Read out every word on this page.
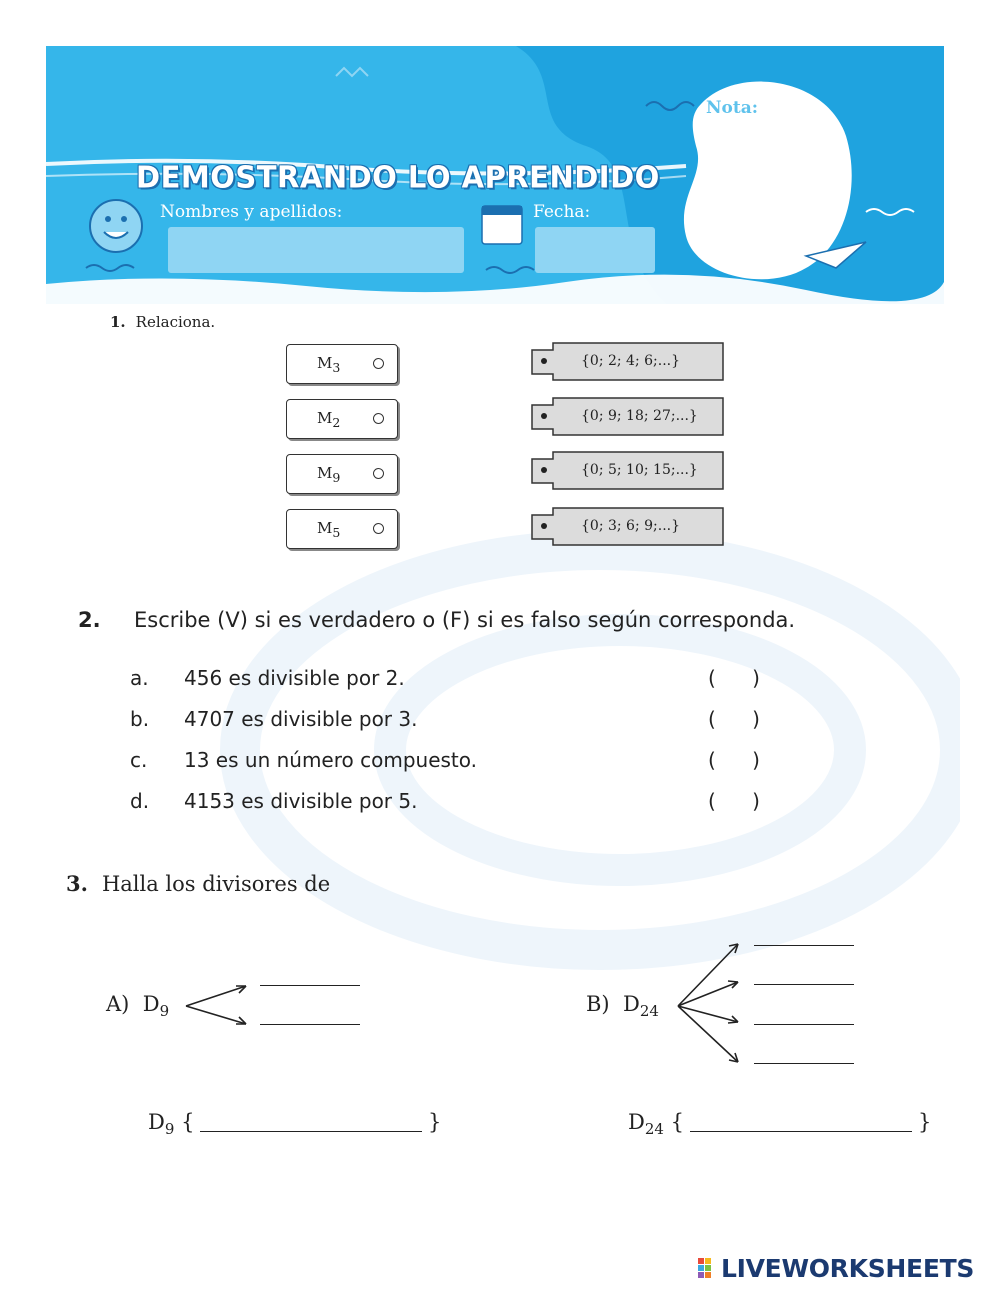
DEMOSTRANDO LO APRENDIDO
Nota:
Nombres y apellidos:	Fecha:
1. Relaciona.
$M_3$
$M_2$
$M_9$
$M_5$
{0; 2; 4; 6;...}
{0; 9; 18; 27;...}
{0; 5; 10; 15;...}
{0; 3; 6; 9;...}
2. Escribe (V) si es verdadero o (F) si es falso según corresponda.
a. 456 es divisible por 2.	( )
b. 4707 es divisible por 3.	( )
c. 13 es un número compuesto.	( )
d. 4153 es divisible por 5.	( )
3. Halla los divisores de
A) $D_9$	B) $D_{24}$
$D_9$ {	}	$D_{24}$ {	}
LIVEWORKSHEETS
